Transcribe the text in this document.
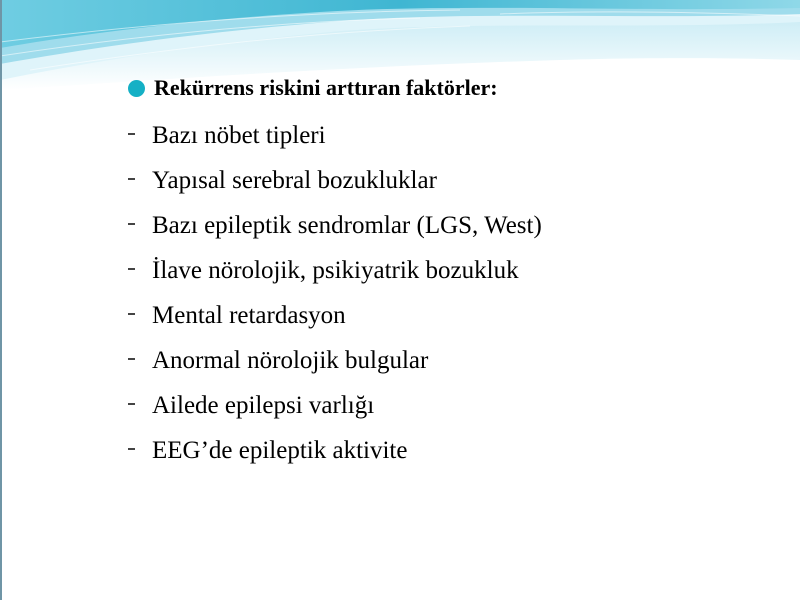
Rekürrens riskini arttıran faktörler:
Bazı nöbet tipleri
Yapısal serebral bozukluklar
Bazı epileptik sendromlar (LGS, West)
İlave nörolojik, psikiyatrik bozukluk
Mental retardasyon
Anormal nörolojik bulgular
Ailede epilepsi varlığı
EEG’de epileptik aktivite
